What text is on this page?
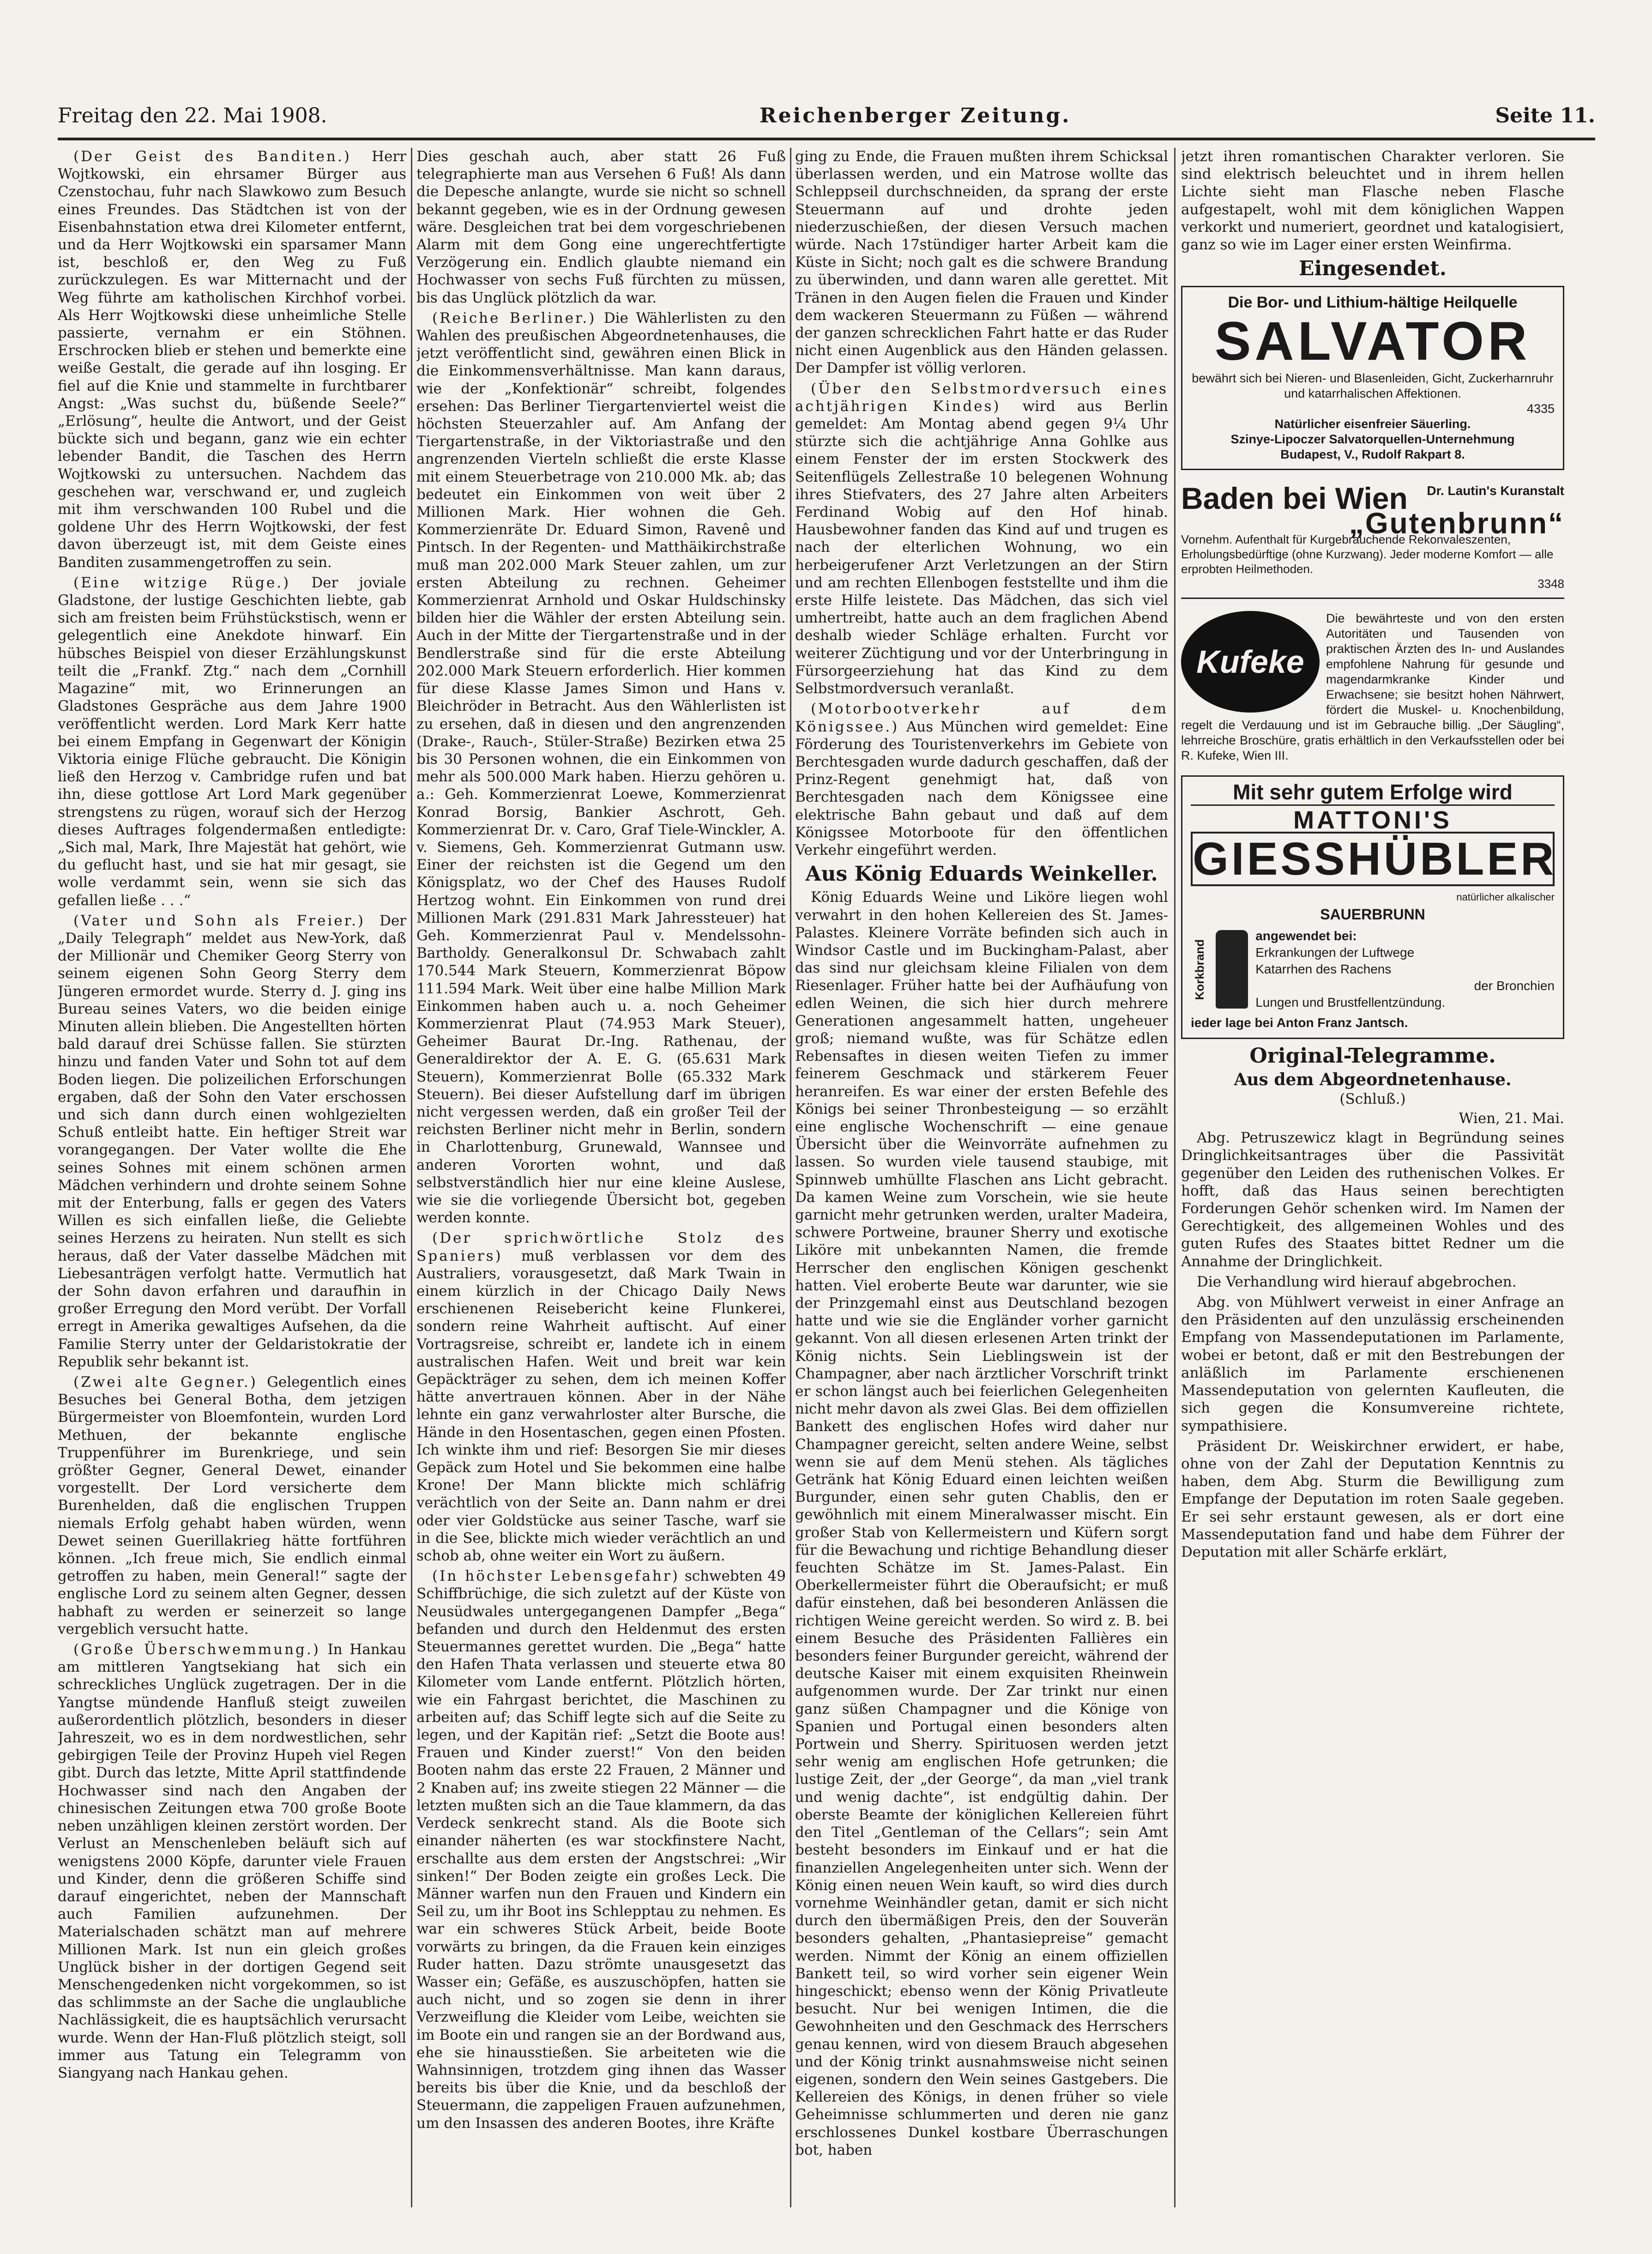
Freitag den 22. Mai 1908.	Reichenberger Zeitung.	Seite 11.

(Der Geist des Banditen.) Herr Wojtkowski, ein ehrsamer Bürger aus Czenstochau, fuhr nach Slawkowo zum Besuch eines Freundes. Das Städtchen ist von der Eisenbahnstation etwa drei Kilometer entfernt, und da Herr Wojtkowski ein sparsamer Mann ist, beschloß er, den Weg zu Fuß zurückzulegen. Es war Mitternacht und der Weg führte am katholischen Kirchhof vorbei. Als Herr Wojtkowski diese unheimliche Stelle passierte, vernahm er ein Stöhnen. Erschrocken blieb er stehen und bemerkte eine weiße Gestalt, die gerade auf ihn losging. Er fiel auf die Knie und stammelte in furchtbarer Angst: „Was suchst du, büßende Seele?“ „Erlösung“, heulte die Antwort, und der Geist bückte sich und begann, ganz wie ein echter lebender Bandit, die Taschen des Herrn Wojtkowski zu untersuchen. Nachdem das geschehen war, verschwand er, und zugleich mit ihm verschwanden 100 Rubel und die goldene Uhr des Herrn Wojtkowski, der fest davon überzeugt ist, mit dem Geiste eines Banditen zusammengetroffen zu sein.

(Eine witzige Rüge.) Der joviale Gladstone, der lustige Geschichten liebte, gab sich am freisten beim Frühstückstisch, wenn er gelegentlich eine Anekdote hinwarf. Ein hübsches Beispiel von dieser Erzählungskunst teilt die „Frankf. Ztg.“ nach dem „Cornhill Magazine“ mit, wo Erinnerungen an Gladstones Gespräche aus dem Jahre 1900 veröffentlicht werden. Lord Mark Kerr hatte bei einem Empfang in Gegenwart der Königin Viktoria einige Flüche gebraucht. Die Königin ließ den Herzog v. Cambridge rufen und bat ihn, diese gottlose Art Lord Mark gegenüber strengstens zu rügen, worauf sich der Herzog dieses Auftrages folgendermaßen entledigte: „Sich mal, Mark, Ihre Majestät hat gehört, wie du geflucht hast, und sie hat mir gesagt, sie wolle verdammt sein, wenn sie sich das gefallen ließe . . .“

(Vater und Sohn als Freier.) Der „Daily Telegraph“ meldet aus New-York, daß der Millionär und Chemiker Georg Sterry von seinem eigenen Sohn Georg Sterry dem Jüngeren ermordet wurde. Sterry d. J. ging ins Bureau seines Vaters, wo die beiden einige Minuten allein blieben. Die Angestellten hörten bald darauf drei Schüsse fallen. Sie stürzten hinzu und fanden Vater und Sohn tot auf dem Boden liegen. Die polizeilichen Erforschungen ergaben, daß der Sohn den Vater erschossen und sich dann durch einen wohlgezielten Schuß entleibt hatte. Ein heftiger Streit war vorangegangen. Der Vater wollte die Ehe seines Sohnes mit einem schönen armen Mädchen verhindern und drohte seinem Sohne mit der Enterbung, falls er gegen des Vaters Willen es sich einfallen ließe, die Geliebte seines Herzens zu heiraten. Nun stellt es sich heraus, daß der Vater dasselbe Mädchen mit Liebesanträgen verfolgt hatte. Vermutlich hat der Sohn davon erfahren und daraufhin in großer Erregung den Mord verübt. Der Vorfall erregt in Amerika gewaltiges Aufsehen, da die Familie Sterry unter der Geldaristokratie der Republik sehr bekannt ist.

(Zwei alte Gegner.) Gelegentlich eines Besuches bei General Botha, dem jetzigen Bürgermeister von Bloemfontein, wurden Lord Methuen, der bekannte englische Truppenführer im Burenkriege, und sein größter Gegner, General Dewet, einander vorgestellt. Der Lord versicherte dem Burenhelden, daß die englischen Truppen niemals Erfolg gehabt haben würden, wenn Dewet seinen Guerillakrieg hätte fortführen können. „Ich freue mich, Sie endlich einmal getroffen zu haben, mein General!“ sagte der englische Lord zu seinem alten Gegner, dessen habhaft zu werden er seinerzeit so lange vergeblich versucht hatte.

(Große Überschwemmung.) In Hankau am mittleren Yangtsekiang hat sich ein schreckliches Unglück zugetragen. Der in die Yangtse mündende Hanfluß steigt zuweilen außerordentlich plötzlich, besonders in dieser Jahreszeit, wo es in dem nordwestlichen, sehr gebirgigen Teile der Provinz Hupeh viel Regen gibt. Durch das letzte, Mitte April stattfindende Hochwasser sind nach den Angaben der chinesischen Zeitungen etwa 700 große Boote neben unzähligen kleinen zerstört worden. Der Verlust an Menschenleben beläuft sich auf wenigstens 2000 Köpfe, darunter viele Frauen und Kinder, denn die größeren Schiffe sind darauf eingerichtet, neben der Mannschaft auch Familien aufzunehmen. Der Materialschaden schätzt man auf mehrere Millionen Mark. Ist nun ein gleich großes Unglück bisher in der dortigen Gegend seit Menschengedenken nicht vorgekommen, so ist das schlimmste an der Sache die unglaubliche Nachlässigkeit, die es hauptsächlich verursacht wurde. Wenn der Han-Fluß plötzlich steigt, soll immer aus Tatung ein Telegramm von Siangyang nach Hankau gehen.

Dies geschah auch, aber statt 26 Fuß telegraphierte man aus Versehen 6 Fuß! Als dann die Depesche anlangte, wurde sie nicht so schnell bekannt gegeben, wie es in der Ordnung gewesen wäre. Desgleichen trat bei dem vorgeschriebenen Alarm mit dem Gong eine ungerechtfertigte Verzögerung ein. Endlich glaubte niemand ein Hochwasser von sechs Fuß fürchten zu müssen, bis das Unglück plötzlich da war.

(Reiche Berliner.) Die Wählerlisten zu den Wahlen des preußischen Abgeordnetenhauses, die jetzt veröffentlicht sind, gewähren einen Blick in die Einkommensverhältnisse. Man kann daraus, wie der „Konfektionär“ schreibt, folgendes ersehen: Das Berliner Tiergartenviertel weist die höchsten Steuerzahler auf. Am Anfang der Tiergartenstraße, in der Viktoriastraße und den angrenzenden Vierteln schließt die erste Klasse mit einem Steuerbetrage von 210.000 Mk. ab; das bedeutet ein Einkommen von weit über 2 Millionen Mark. Hier wohnen die Geh. Kommerzienräte Dr. Eduard Simon, Ravenê und Pintsch. In der Regenten- und Matthäikirchstraße muß man 202.000 Mark Steuer zahlen, um zur ersten Abteilung zu rechnen. Geheimer Kommerzienrat Arnhold und Oskar Huldschinsky bilden hier die Wähler der ersten Abteilung sein. Auch in der Mitte der Tiergartenstraße und in der Bendlerstraße sind für die erste Abteilung 202.000 Mark Steuern erforderlich. Hier kommen für diese Klasse James Simon und Hans v. Bleichröder in Betracht. Aus den Wählerlisten ist zu ersehen, daß in diesen und den angrenzenden (Drake-, Rauch-, Stüler-Straße) Bezirken etwa 25 bis 30 Personen wohnen, die ein Einkommen von mehr als 500.000 Mark haben. Hierzu gehören u. a.: Geh. Kommerzienrat Loewe, Kommerzienrat Konrad Borsig, Bankier Aschrott, Geh. Kommerzienrat Dr. v. Caro, Graf Tiele-Winckler, A. v. Siemens, Geh. Kommerzienrat Gutmann usw. Einer der reichsten ist die Gegend um den Königsplatz, wo der Chef des Hauses Rudolf Hertzog wohnt. Ein Einkommen von rund drei Millionen Mark (291.831 Mark Jahressteuer) hat Geh. Kommerzienrat Paul v. Mendelssohn-Bartholdy. Generalkonsul Dr. Schwabach zahlt 170.544 Mark Steuern, Kommerzienrat Böpow 111.594 Mark. Weit über eine halbe Million Mark Einkommen haben auch u. a. noch Geheimer Kommerzienrat Plaut (74.953 Mark Steuer), Geheimer Baurat Dr.-Ing. Rathenau, der Generaldirektor der A. E. G. (65.631 Mark Steuern), Kommerzienrat Bolle (65.332 Mark Steuern). Bei dieser Aufstellung darf im übrigen nicht vergessen werden, daß ein großer Teil der reichsten Berliner nicht mehr in Berlin, sondern in Charlottenburg, Grunewald, Wannsee und anderen Vororten wohnt, und daß selbstverständlich hier nur eine kleine Auslese, wie sie die vorliegende Übersicht bot, gegeben werden konnte.

(Der sprichwörtliche Stolz des Spaniers) muß verblassen vor dem des Australiers, vorausgesetzt, daß Mark Twain in einem kürzlich in der Chicago Daily News erschienenen Reisebericht keine Flunkerei, sondern reine Wahrheit auftischt. Auf einer Vortragsreise, schreibt er, landete ich in einem australischen Hafen. Weit und breit war kein Gepäckträger zu sehen, dem ich meinen Koffer hätte anvertrauen können. Aber in der Nähe lehnte ein ganz verwahrloster alter Bursche, die Hände in den Hosentaschen, gegen einen Pfosten. Ich winkte ihm und rief: Besorgen Sie mir dieses Gepäck zum Hotel und Sie bekommen eine halbe Krone! Der Mann blickte mich schläfrig verächtlich von der Seite an. Dann nahm er drei oder vier Goldstücke aus seiner Tasche, warf sie in die See, blickte mich wieder verächtlich an und schob ab, ohne weiter ein Wort zu äußern.

(In höchster Lebensgefahr) schwebten 49 Schiffbrüchige, die sich zuletzt auf der Küste von Neusüdwales untergegangenen Dampfer „Bega“ befanden und durch den Heldenmut des ersten Steuermannes gerettet wurden. Die „Bega“ hatte den Hafen Thata verlassen und steuerte etwa 80 Kilometer vom Lande entfernt. Plötzlich hörten, wie ein Fahrgast berichtet, die Maschinen zu arbeiten auf; das Schiff legte sich auf die Seite zu legen, und der Kapitän rief: „Setzt die Boote aus! Frauen und Kinder zuerst!“ Von den beiden Booten nahm das erste 22 Frauen, 2 Männer und 2 Knaben auf; ins zweite stiegen 22 Männer — die letzten mußten sich an die Taue klammern, da das Verdeck senkrecht stand. Als die Boote sich einander näherten (es war stockfinstere Nacht, erschallte aus dem ersten der Angstschrei: „Wir sinken!“ Der Boden zeigte ein großes Leck. Die Männer warfen nun den Frauen und Kindern ein Seil zu, um ihr Boot ins Schlepptau zu nehmen. Es war ein schweres Stück Arbeit, beide Boote vorwärts zu bringen, da die Frauen kein einziges Ruder hatten. Dazu strömte unausgesetzt das Wasser ein; Gefäße, es auszuschöpfen, hatten sie auch nicht, und so zogen sie denn in ihrer Verzweiflung die Kleider vom Leibe, weichten sie im Boote ein und rangen sie an der Bordwand aus, ehe sie hinausstießen. Sie arbeiteten wie die Wahnsinnigen, trotzdem ging ihnen das Wasser bereits bis über die Knie, und da beschloß der Steuermann, die zappeligen Frauen aufzunehmen, um den Insassen des anderen Bootes, ihre Kräfte

ging zu Ende, die Frauen mußten ihrem Schicksal überlassen werden, und ein Matrose wollte das Schleppseil durchschneiden, da sprang der erste Steuermann auf und drohte jeden niederzuschießen, der diesen Versuch machen würde. Nach 17stündiger harter Arbeit kam die Küste in Sicht; noch galt es die schwere Brandung zu überwinden, und dann waren alle gerettet. Mit Tränen in den Augen fielen die Frauen und Kinder dem wackeren Steuermann zu Füßen — während der ganzen schrecklichen Fahrt hatte er das Ruder nicht einen Augenblick aus den Händen gelassen. Der Dampfer ist völlig verloren.

(Über den Selbstmordversuch eines achtjährigen Kindes) wird aus Berlin gemeldet: Am Montag abend gegen 9¼ Uhr stürzte sich die achtjährige Anna Gohlke aus einem Fenster der im ersten Stockwerk des Seitenflügels Zellestraße 10 belegenen Wohnung ihres Stiefvaters, des 27 Jahre alten Arbeiters Ferdinand Wobig auf den Hof hinab. Hausbewohner fanden das Kind auf und trugen es nach der elterlichen Wohnung, wo ein herbeigerufener Arzt Verletzungen an der Stirn und am rechten Ellenbogen feststellte und ihm die erste Hilfe leistete. Das Mädchen, das sich viel umhertreibt, hatte auch an dem fraglichen Abend deshalb wieder Schläge erhalten. Furcht vor weiterer Züchtigung und vor der Unterbringung in Fürsorgeerziehung hat das Kind zu dem Selbstmordversuch veranlaßt.

(Motorbootverkehr auf dem Königssee.) Aus München wird gemeldet: Eine Förderung des Touristenverkehrs im Gebiete von Berchtesgaden wurde dadurch geschaffen, daß der Prinz-Regent genehmigt hat, daß von Berchtesgaden nach dem Königssee eine elektrische Bahn gebaut und daß auf dem Königssee Motorboote für den öffentlichen Verkehr eingeführt werden.

Aus König Eduards Weinkeller.

König Eduards Weine und Liköre liegen wohl verwahrt in den hohen Kellereien des St. James-Palastes. Kleinere Vorräte befinden sich auch in Windsor Castle und im Buckingham-Palast, aber das sind nur gleichsam kleine Filialen von dem Riesenlager. Früher hatte bei der Aufhäufung von edlen Weinen, die sich hier durch mehrere Generationen angesammelt hatten, ungeheuer groß; niemand wußte, was für Schätze edlen Rebensaftes in diesen weiten Tiefen zu immer feinerem Geschmack und stärkerem Feuer heranreifen. Es war einer der ersten Befehle des Königs bei seiner Thronbesteigung — so erzählt eine englische Wochenschrift — eine genaue Übersicht über die Weinvorräte aufnehmen zu lassen. So wurden viele tausend staubige, mit Spinnweb umhüllte Flaschen ans Licht gebracht. Da kamen Weine zum Vorschein, wie sie heute garnicht mehr getrunken werden, uralter Madeira, schwere Portweine, brauner Sherry und exotische Liköre mit unbekannten Namen, die fremde Herrscher den englischen Königen geschenkt hatten. Viel eroberte Beute war darunter, wie sie der Prinzgemahl einst aus Deutschland bezogen hatte und wie sie die Engländer vorher garnicht gekannt. Von all diesen erlesenen Arten trinkt der König nichts. Sein Lieblingswein ist der Champagner, aber nach ärztlicher Vorschrift trinkt er schon längst auch bei feierlichen Gelegenheiten nicht mehr davon als zwei Glas. Bei dem offiziellen Bankett des englischen Hofes wird daher nur Champagner gereicht, selten andere Weine, selbst wenn sie auf dem Menü stehen. Als tägliches Getränk hat König Eduard einen leichten weißen Burgunder, einen sehr guten Chablis, den er gewöhnlich mit einem Mineralwasser mischt. Ein großer Stab von Kellermeistern und Küfern sorgt für die Bewachung und richtige Behandlung dieser feuchten Schätze im St. James-Palast. Ein Oberkellermeister führt die Oberaufsicht; er muß dafür einstehen, daß bei besonderen Anlässen die richtigen Weine gereicht werden. So wird z. B. bei einem Besuche des Präsidenten Fallières ein besonders feiner Burgunder gereicht, während der deutsche Kaiser mit einem exquisiten Rheinwein aufgenommen wurde. Der Zar trinkt nur einen ganz süßen Champagner und die Könige von Spanien und Portugal einen besonders alten Portwein und Sherry. Spirituosen werden jetzt sehr wenig am englischen Hofe getrunken; die lustige Zeit, der „der George“, da man „viel trank und wenig dachte“, ist endgültig dahin. Der oberste Beamte der königlichen Kellereien führt den Titel „Gentleman of the Cellars“; sein Amt besteht besonders im Einkauf und er hat die finanziellen Angelegenheiten unter sich. Wenn der König einen neuen Wein kauft, so wird dies durch vornehme Weinhändler getan, damit er sich nicht durch den übermäßigen Preis, den der Souverän besonders gehalten, „Phantasiepreise“ gemacht werden. Nimmt der König an einem offiziellen Bankett teil, so wird vorher sein eigener Wein hingeschickt; ebenso wenn der König Privatleute besucht. Nur bei wenigen Intimen, die die Gewohnheiten und den Geschmack des Herrschers genau kennen, wird von diesem Brauch abgesehen und der König trinkt ausnahmsweise nicht seinen eigenen, sondern den Wein seines Gastgebers. Die Kellereien des Königs, in denen früher so viele Geheimnisse schlummerten und deren nie ganz erschlossenes Dunkel kostbare Überraschungen bot, haben

jetzt ihren romantischen Charakter verloren. Sie sind elektrisch beleuchtet und in ihrem hellen Lichte sieht man Flasche neben Flasche aufgestapelt, wohl mit dem königlichen Wappen verkorkt und numeriert, geordnet und katalogisiert, ganz so wie im Lager einer ersten Weinfirma.

Eingesendet.

Die Bor- und Lithium-hältige Heilquelle

SALVATOR

bewährt sich bei Nieren- und Blasenleiden, Gicht, Zuckerharnruhr und katarrhalischen Affektionen.

4335

Natürlicher eisenfreier Säuerling.

Szinye-Lipoczer Salvatorquellen-Unternehmung

Budapest, V., Rudolf Rakpart 8.

Baden bei Wien	Dr. Lautin's Kuranstalt
„Gutenbrunn“
Vornehm. Aufenthalt für Kurgebrauchende Rekonvaleszenten, Erholungsbedürftige (ohne Kurzwang). Jeder moderne Komfort — alle erprobten Heilmethoden.
3348
Kufeke
Die bewährteste und von den ersten Autoritäten und Tausenden von praktischen Ärzten des In- und Auslandes empfohlene Nahrung für gesunde und magendarmkranke Kinder und Erwachsene; sie besitzt hohen Nährwert, fördert die Muskel- u. Knochenbildung, regelt die Verdauung und ist im Gebrauche billig. „Der Säugling“, lehrreiche Broschüre, gratis erhältlich in den Verkaufsstellen oder bei R. Kufeke, Wien III.

Mit sehr gutem Erfolge wird

MATTONI'S

GIESSHÜBLER

natürlicher alkalischer

SAUERBRUNN

Korkbrand

angewendet bei:

Erkrankungen der Luftwege

Katarrhen des Rachens

der Bronchien

Lungen und Brustfellentzündung.

ieder lage bei Anton Franz Jantsch.

Original-Telegramme.
Aus dem Abgeordnetenhause.

(Schluß.)

Wien, 21. Mai.

Abg. Petruszewicz klagt in Begründung seines Dringlichkeitsantrages über die Passivität gegenüber den Leiden des ruthenischen Volkes. Er hofft, daß das Haus seinen berechtigten Forderungen Gehör schenken wird. Im Namen der Gerechtigkeit, des allgemeinen Wohles und des guten Rufes des Staates bittet Redner um die Annahme der Dringlichkeit.

Die Verhandlung wird hierauf abgebrochen.

Abg. von Mühlwert verweist in einer Anfrage an den Präsidenten auf den unzulässig erscheinenden Empfang von Massendeputationen im Parlamente, wobei er betont, daß er mit den Bestrebungen der anläßlich im Parlamente erschienenen Massendeputation von gelernten Kaufleuten, die sich gegen die Konsumvereine richtete, sympathisiere.

Präsident Dr. Weiskirchner erwidert, er habe, ohne von der Zahl der Deputation Kenntnis zu haben, dem Abg. Sturm die Bewilligung zum Empfange der Deputation im roten Saale gegeben. Er sei sehr erstaunt gewesen, als er dort eine Massendeputation fand und habe dem Führer der Deputation mit aller Schärfe erklärt,
